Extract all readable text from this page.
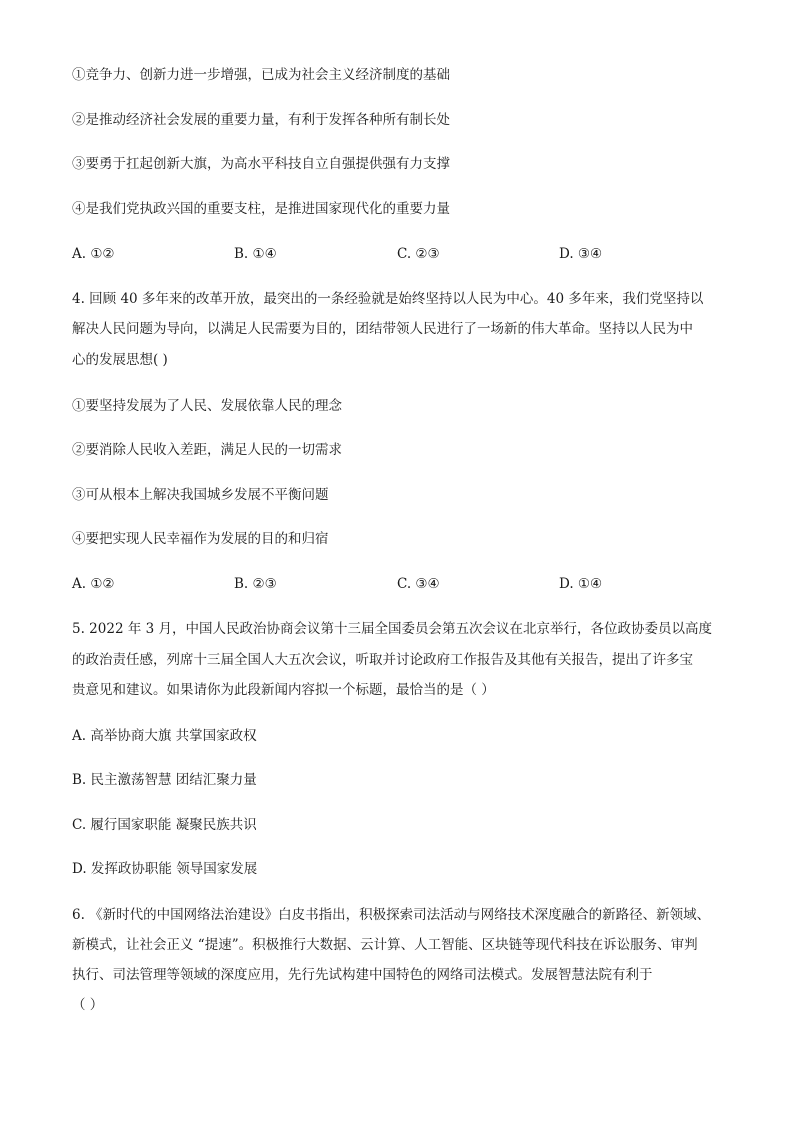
①竞争力、创新力进一步增强，已成为社会主义经济制度的基础
②是推动经济社会发展的重要力量，有利于发挥各种所有制长处
③要勇于扛起创新大旗，为高水平科技自立自强提供强有力支撑
④是我们党执政兴国的重要支柱，是推进国家现代化的重要力量
A. ①②	B. ①④	C. ②③	D. ③④
4. 回顾 40 多年来的改革开放，最突出的一条经验就是始终坚持以人民为中心。40 多年来，我们党坚持以
解决人民问题为导向，以满足人民需要为目的，团结带领人民进行了一场新的伟大革命。坚持以人民为中
心的发展思想( )
①要坚持发展为了人民、发展依靠人民的理念
②要消除人民收入差距，满足人民的一切需求
③可从根本上解决我国城乡发展不平衡问题
④要把实现人民幸福作为发展的目的和归宿
A. ①②	B. ②③	C. ③④	D. ①④
5. 2022 年 3 月，中国人民政治协商会议第十三届全国委员会第五次会议在北京举行，各位政协委员以高度
的政治责任感，列席十三届全国人大五次会议，听取并讨论政府工作报告及其他有关报告，提出了许多宝
贵意见和建议。如果请你为此段新闻内容拟一个标题，最恰当的是（ ）
A. 高举协商大旗 共掌国家政权
B. 民主激荡智慧 团结汇聚力量
C. 履行国家职能 凝聚民族共识
D. 发挥政协职能 领导国家发展
6. 《新时代的中国网络法治建设》白皮书指出，积极探索司法活动与网络技术深度融合的新路径、新领域、
新模式，让社会正义 “提速”。积极推行大数据、云计算、人工智能、区块链等现代科技在诉讼服务、审判
执行、司法管理等领域的深度应用，先行先试构建中国特色的网络司法模式。发展智慧法院有利于
（ ）
